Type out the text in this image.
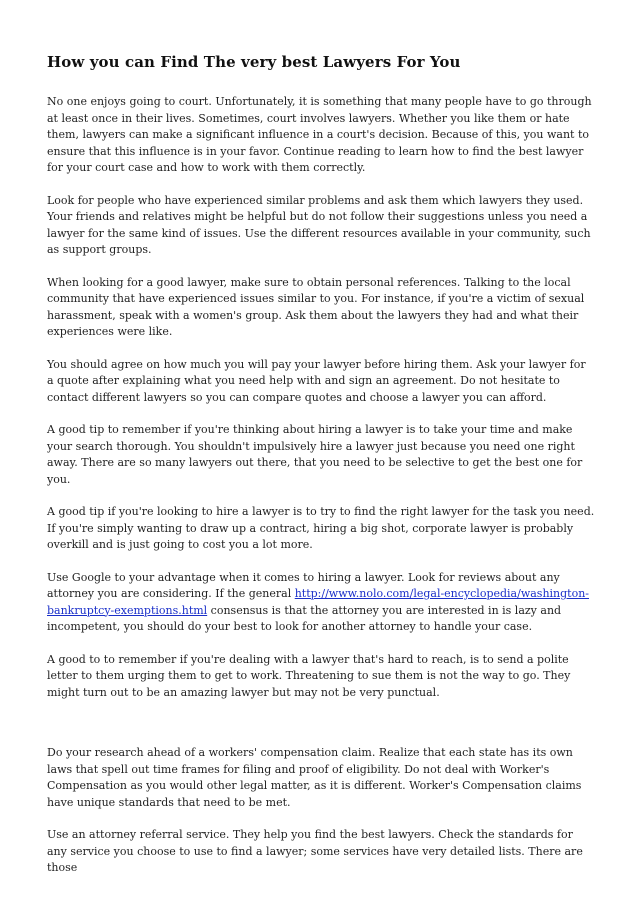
How you can Find The very best Lawyers For You

No one enjoys going to court. Unfortunately, it is something that many people have to go through at least once in their lives. Sometimes, court involves lawyers. Whether you like them or hate them, lawyers can make a significant influence in a court's decision. Because of this, you want to ensure that this influence is in your favor. Continue reading to learn how to find the best lawyer for your court case and how to work with them correctly.

Look for people who have experienced similar problems and ask them which lawyers they used. Your friends and relatives might be helpful but do not follow their suggestions unless you need a lawyer for the same kind of issues. Use the different resources available in your community, such as support groups.

When looking for a good lawyer, make sure to obtain personal references. Talking to the local community that have experienced issues similar to you. For instance, if you're a victim of sexual harassment, speak with a women's group. Ask them about the lawyers they had and what their experiences were like.

You should agree on how much you will pay your lawyer before hiring them. Ask your lawyer for a quote after explaining what you need help with and sign an agreement. Do not hesitate to contact different lawyers so you can compare quotes and choose a lawyer you can afford.

A good tip to remember if you're thinking about hiring a lawyer is to take your time and make your search thorough. You shouldn't impulsively hire a lawyer just because you need one right away. There are so many lawyers out there, that you need to be selective to get the best one for you.

A good tip if you're looking to hire a lawyer is to try to find the right lawyer for the task you need. If you're simply wanting to draw up a contract, hiring a big shot, corporate lawyer is probably overkill and is just going to cost you a lot more.

Use Google to your advantage when it comes to hiring a lawyer. Look for reviews about any attorney you are considering. If the general http://www.nolo.com/legal-encyclopedia/washington-bankruptcy-exemptions.html consensus is that the attorney you are interested in is lazy and incompetent, you should do your best to look for another attorney to handle your case.

A good to to remember if you're dealing with a lawyer that's hard to reach, is to send a polite letter to them urging them to get to work. Threatening to sue them is not the way to go. They might turn out to be an amazing lawyer but may not be very punctual.

Do your research ahead of a workers' compensation claim. Realize that each state has its own laws that spell out time frames for filing and proof of eligibility. Do not deal with Worker's Compensation as you would other legal matter, as it is different. Worker's Compensation claims have unique standards that need to be met.

Use an attorney referral service. They help you find the best lawyers. Check the standards for any service you choose to use to find a lawyer; some services have very detailed lists. There are those
